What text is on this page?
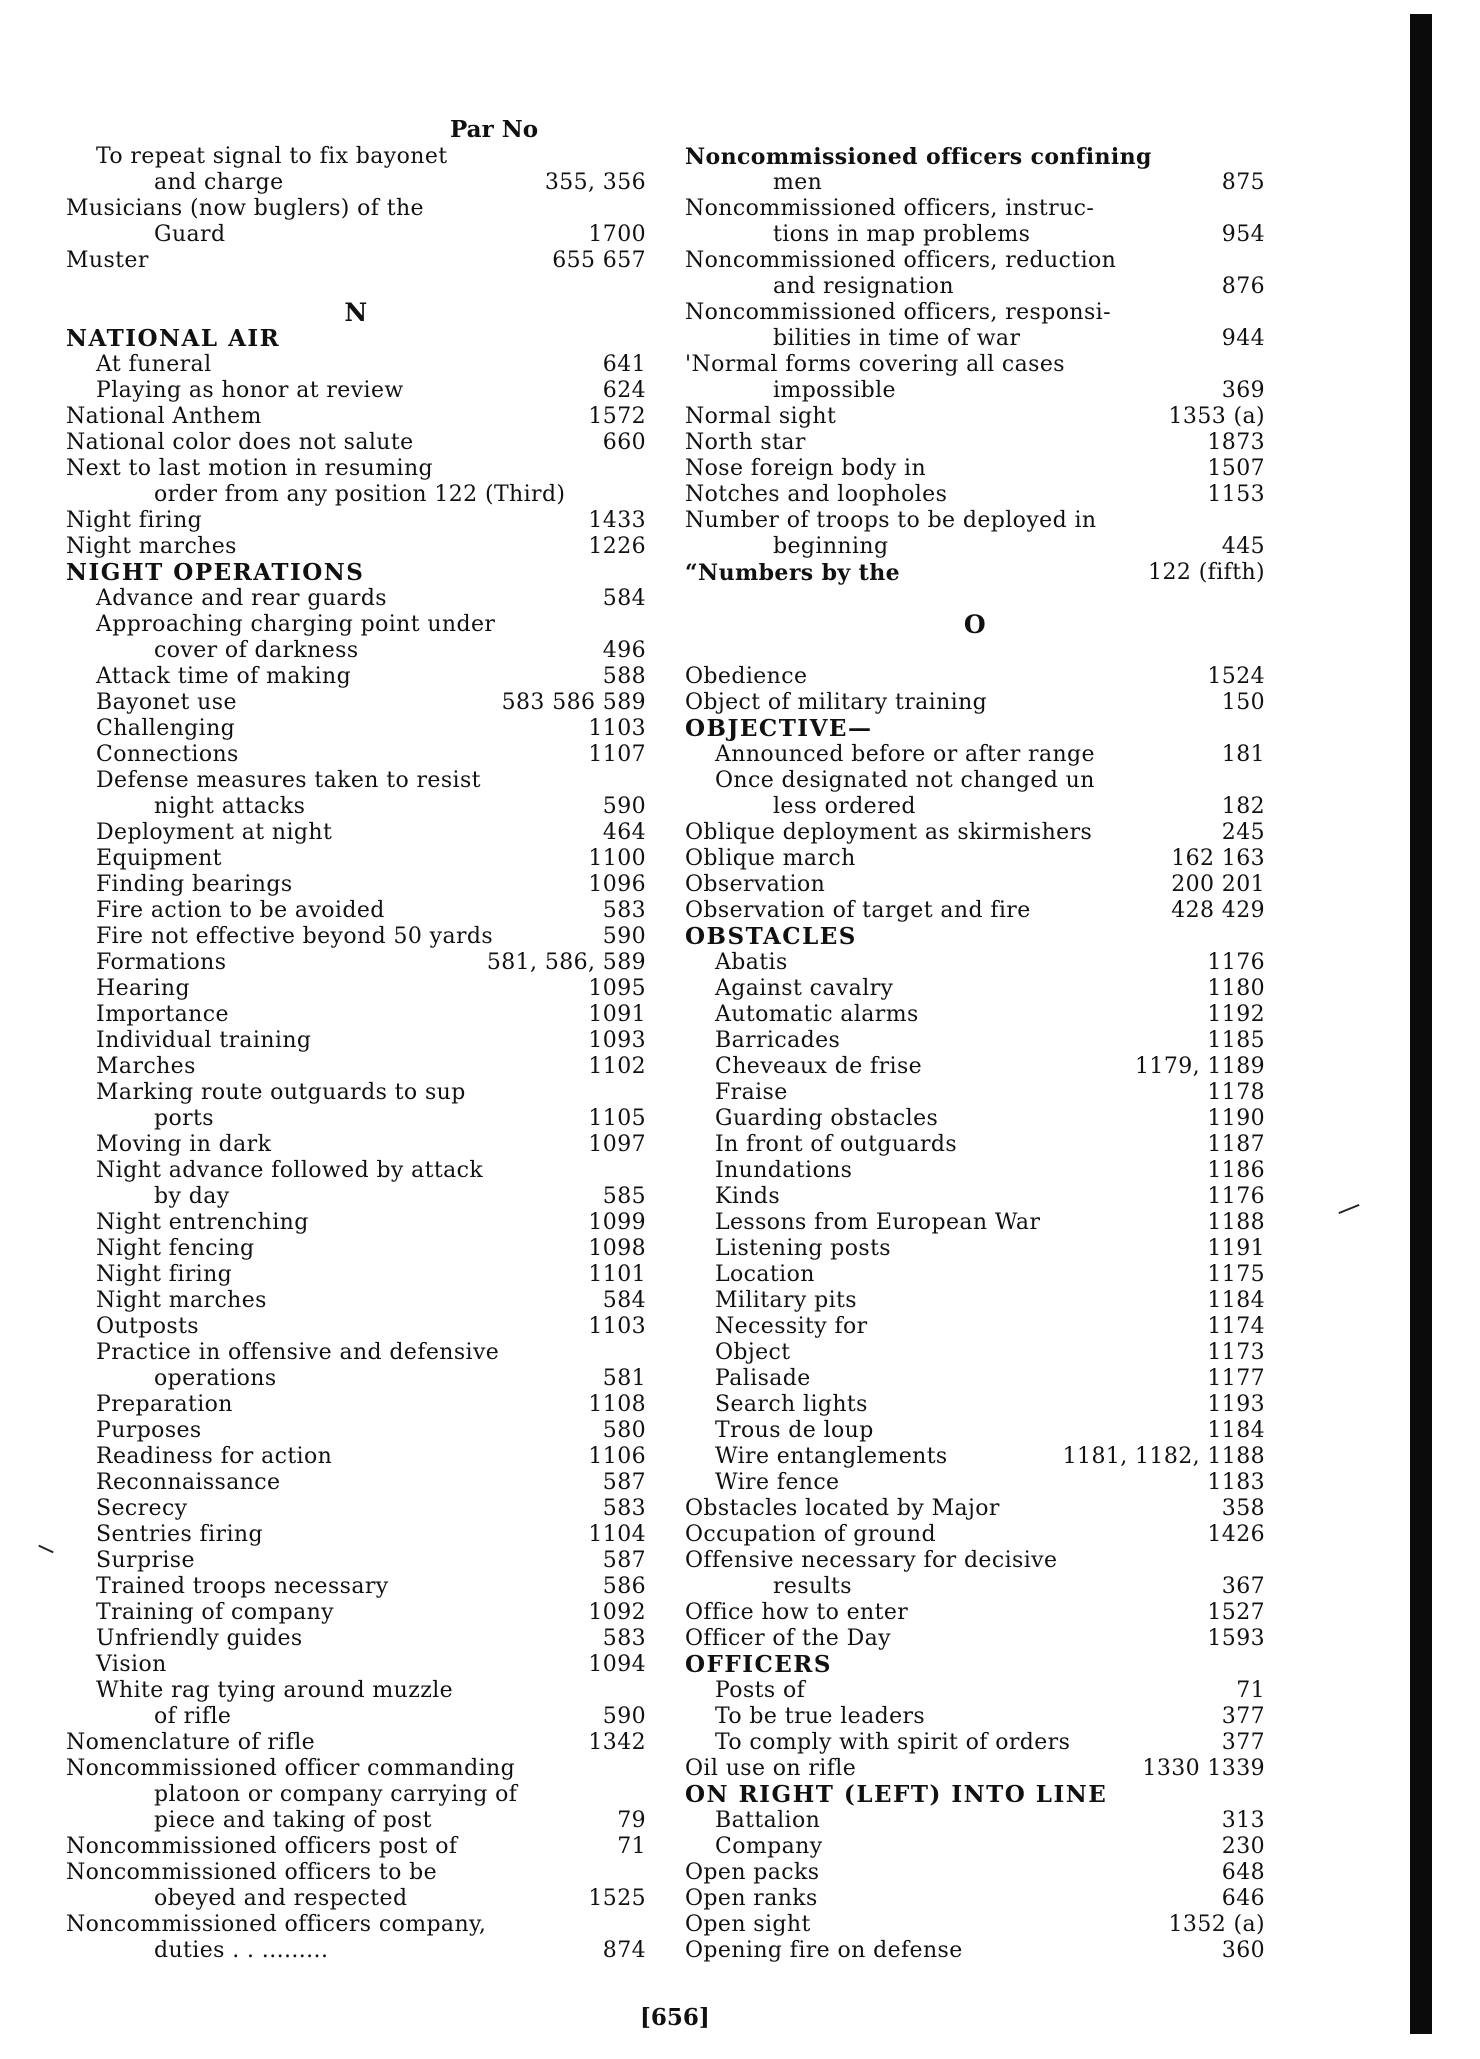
Par No
To repeat signal to fix bayonet
and charge	355, 356
Musicians (now buglers) of the
Guard	1700
Muster	655 657
N
NATIONAL AIR
At funeral	641
Playing as honor at review	624
National Anthem	1572
National color does not salute	660
Next to last motion in resuming
order from any position 122 (Third)
Night firing	1433
Night marches	1226
NIGHT OPERATIONS
Advance and rear guards	584
Approaching charging point under
cover of darkness	496
Attack time of making	588
Bayonet use	583 586 589
Challenging	1103
Connections	1107
Defense measures taken to resist
night attacks	590
Deployment at night	464
Equipment	1100
Finding bearings	1096
Fire action to be avoided	583
Fire not effective beyond 50 yards	590
Formations	581, 586, 589
Hearing	1095
Importance	1091
Individual training	1093
Marches	1102
Marking route outguards to sup
ports	1105
Moving in dark	1097
Night advance followed by attack
by day	585
Night entrenching	1099
Night fencing	1098
Night firing	1101
Night marches	584
Outposts	1103
Practice in offensive and defensive
operations	581
Preparation	1108
Purposes	580
Readiness for action	1106
Reconnaissance	587
Secrecy	583
Sentries firing	1104
Surprise	587
Trained troops necessary	586
Training of company	1092
Unfriendly guides	583
Vision	1094
White rag tying around muzzle
of rifle	590
Nomenclature of rifle	1342
Noncommissioned officer commanding
platoon or company carrying of
piece and taking of post	79
Noncommissioned officers post of	71
Noncommissioned officers to be
obeyed and respected	1525
Noncommissioned officers company,
duties . . .........	874
Noncommissioned officers confining
men	875
Noncommissioned officers, instruc-
tions in map problems	954
Noncommissioned officers, reduction
and resignation	876
Noncommissioned officers, responsi-
bilities in time of war	944
'Normal forms covering all cases
impossible	369
Normal sight	1353 (a)
North star	1873
Nose foreign body in	1507
Notches and loopholes	1153
Number of troops to be deployed in
beginning	445
“Numbers by the	122 (fifth)
O
Obedience	1524
Object of military training	150
OBJECTIVE—
Announced before or after range	181
Once designated not changed un
less ordered	182
Oblique deployment as skirmishers	245
Oblique march	162 163
Observation	200 201
Observation of target and fire	428 429
OBSTACLES
Abatis	1176
Against cavalry	1180
Automatic alarms	1192
Barricades	1185
Cheveaux de frise	1179, 1189
Fraise	1178
Guarding obstacles	1190
In front of outguards	1187
Inundations	1186
Kinds	1176
Lessons from European War	1188
Listening posts	1191
Location	1175
Military pits	1184
Necessity for	1174
Object	1173
Palisade	1177
Search lights	1193
Trous de loup	1184
Wire entanglements	1181, 1182, 1188
Wire fence	1183
Obstacles located by Major	358
Occupation of ground	1426
Offensive necessary for decisive
results	367
Office how to enter	1527
Officer of the Day	1593
OFFICERS
Posts of	71
To be true leaders	377
To comply with spirit of orders	377
Oil use on rifle	1330 1339
ON RIGHT (LEFT) INTO LINE
Battalion	313
Company	230
Open packs	648
Open ranks	646
Open sight	1352 (a)
Opening fire on defense	360
[656]
